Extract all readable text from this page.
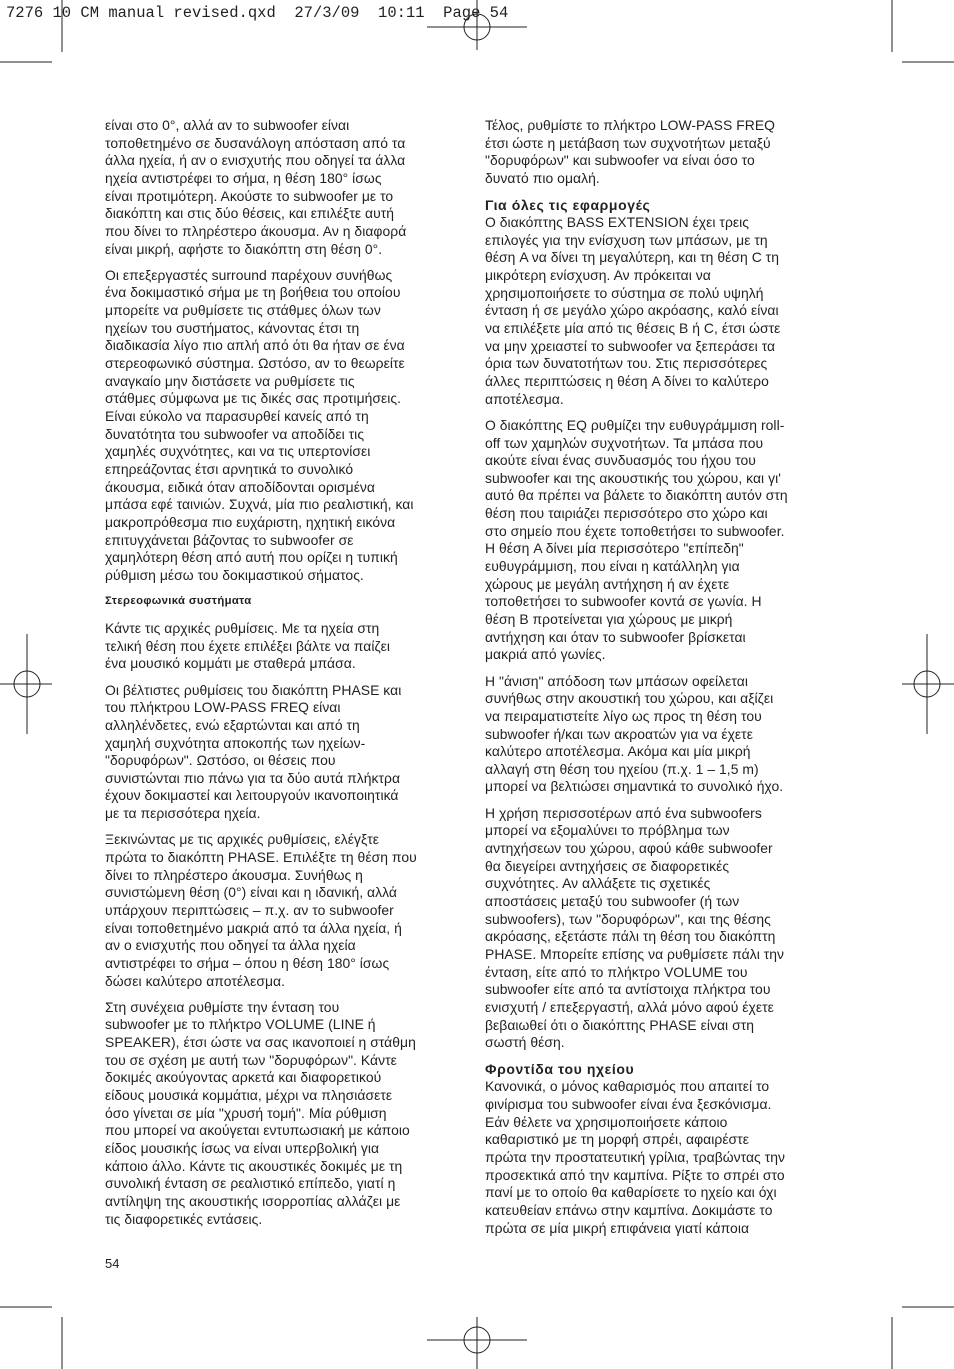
7276 10 CM manual revised.qxd  27/3/09  10:11  Page 54
είναι στο 0°, αλλά αν το subwoofer είναι
τοποθετημένο σε δυσανάλογη απόσταση από τα
άλλα ηχεία, ή αν ο ενισχυτής που οδηγεί τα άλλα
ηχεία αντιστρέφει το σήμα, η θέση 180° ίσως
είναι προτιμότερη. Ακούστε το subwoofer με το
διακόπτη και στις δύο θέσεις, και επιλέξτε αυτή
που δίνει το πληρέστερο άκουσμα. Αν η διαφορά
είναι μικρή, αφήστε το διακόπτη στη θέση 0°.
Οι επεξεργαστές surround παρέχουν συνήθως
ένα δοκιμαστικό σήμα με τη βοήθεια του οποίου
μπορείτε να ρυθμίσετε τις στάθμες όλων των
ηχείων του συστήματος, κάνοντας έτσι τη
διαδικασία λίγο πιο απλή από ότι θα ήταν σε ένα
στερεοφωνικό σύστημα. Ωστόσο, αν το θεωρείτε
αναγκαίο μην διστάσετε να ρυθμίσετε τις
στάθμες σύμφωνα με τις δικές σας προτιμήσεις.
Είναι εύκολο να παρασυρθεί κανείς από τη
δυνατότητα του subwoofer να αποδίδει τις
χαμηλές συχνότητες, και να τις υπερτονίσει
επηρεάζοντας έτσι αρνητικά το συνολικό
άκουσμα, ειδικά όταν αποδίδονται ορισμένα
μπάσα εφέ ταινιών. Συχνά, μία πιο ρεαλιστική, και
μακροπρόθεσμα πιο ευχάριστη, ηχητική εικόνα
επιτυγχάνεται βάζοντας το subwoofer σε
χαμηλότερη θέση από αυτή που ορίζει η τυπική
ρύθμιση μέσω του δοκιμαστικού σήματος.
Στερεοφωνικά συστήματα
Κάντε τις αρχικές ρυθμίσεις. Με τα ηχεία στη
τελική θέση που έχετε επιλέξει βάλτε να παίζει
ένα μουσικό κομμάτι με σταθερά μπάσα.
Οι βέλτιστες ρυθμίσεις του διακόπτη PHASE και
του πλήκτρου LOW-PASS FREQ είναι
αλληλένδετες, ενώ εξαρτώνται και από τη
χαμηλή συχνότητα αποκοπής των ηχείων-
"δορυφόρων". Ωστόσο, οι θέσεις που
συνιστώνται πιο πάνω για τα δύο αυτά πλήκτρα
έχουν δοκιμαστεί και λειτουργούν ικανοποιητικά
με τα περισσότερα ηχεία.
Ξεκινώντας με τις αρχικές ρυθμίσεις, ελέγξτε
πρώτα το διακόπτη PHASE. Επιλέξτε τη θέση που
δίνει το πληρέστερο άκουσμα. Συνήθως η
συνιστώμενη θέση (0°) είναι και η ιδανική, αλλά
υπάρχουν περιπτώσεις – π.χ. αν το subwoofer
είναι τοποθετημένο μακριά από τα άλλα ηχεία, ή
αν ο ενισχυτής που οδηγεί τα άλλα ηχεία
αντιστρέφει το σήμα – όπου η θέση 180° ίσως
δώσει καλύτερο αποτέλεσμα.
Στη συνέχεια ρυθμίστε την ένταση του
subwoofer με το πλήκτρο VOLUME (LINE ή
SPEAKER), έτσι ώστε να σας ικανοποιεί η στάθμη
του σε σχέση με αυτή των "δορυφόρων". Κάντε
δοκιμές ακούγοντας αρκετά και διαφορετικού
είδους μουσικά κομμάτια, μέχρι να πλησιάσετε
όσο γίνεται σε μία "χρυσή τομή". Μία ρύθμιση
που μπορεί να ακούγεται εντυπωσιακή με κάποιο
είδος μουσικής ίσως να είναι υπερβολική για
κάποιο άλλο. Κάντε τις ακουστικές δοκιμές με τη
συνολική ένταση σε ρεαλιστικό επίπεδο, γιατί η
αντίληψη της ακουστικής ισορροπίας αλλάζει με
τις διαφορετικές εντάσεις.
Τέλος, ρυθμίστε το πλήκτρο LOW-PASS FREQ
έτσι ώστε η μετάβαση των συχνοτήτων μεταξύ
"δορυφόρων" και subwoofer να είναι όσο το
δυνατό πιο ομαλή.
Για όλες τις εφαρμογές
Ο διακόπτης BASS EXTENSION έχει τρεις
επιλογές για την ενίσχυση των μπάσων, με τη
θέση A να δίνει τη μεγαλύτερη, και τη θέση C τη
μικρότερη ενίσχυση. Αν πρόκειται να
χρησιμοποιήσετε το σύστημα σε πολύ υψηλή
ένταση ή σε μεγάλο χώρο ακρόασης, καλό είναι
να επιλέξετε μία από τις θέσεις B ή C, έτσι ώστε
να μην χρειαστεί το subwoofer να ξεπεράσει τα
όρια των δυνατοτήτων του. Στις περισσότερες
άλλες περιπτώσεις η θέση A δίνει το καλύτερο
αποτέλεσμα.
Ο διακόπτης EQ ρυθμίζει την ευθυγράμμιση roll-
off των χαμηλών συχνοτήτων. Τα μπάσα που
ακούτε είναι ένας συνδυασμός του ήχου του
subwoofer και της ακουστικής του χώρου, και γι'
αυτό θα πρέπει να βάλετε το διακόπτη αυτόν στη
θέση που ταιριάζει περισσότερο στο χώρο και
στο σημείο που έχετε τοποθετήσει το subwoofer.
Η θέση A δίνει μία περισσότερο "επίπεδη"
ευθυγράμμιση, που είναι η κατάλληλη για
χώρους με μεγάλη αντήχηση ή αν έχετε
τοποθετήσει το subwoofer κοντά σε γωνία. Η
θέση B προτείνεται για χώρους με μικρή
αντήχηση και όταν το subwoofer βρίσκεται
μακριά από γωνίες.
Η "άνιση" απόδοση των μπάσων οφείλεται
συνήθως στην ακουστική του χώρου, και αξίζει
να πειραματιστείτε λίγο ως προς τη θέση του
subwoofer ή/και των ακροατών για να έχετε
καλύτερο αποτέλεσμα. Ακόμα και μία μικρή
αλλαγή στη θέση του ηχείου (π.χ. 1 – 1,5 m)
μπορεί να βελτιώσει σημαντικά το συνολικό ήχο.
Η χρήση περισσοτέρων από ένα subwoofers
μπορεί να εξομαλύνει το πρόβλημα των
αντηχήσεων του χώρου, αφού κάθε subwoofer
θα διεγείρει αντηχήσεις σε διαφορετικές
συχνότητες. Αν αλλάξετε τις σχετικές
αποστάσεις μεταξύ του subwoofer (ή των
subwoofers), των "δορυφόρων", και της θέσης
ακρόασης, εξετάστε πάλι τη θέση του διακόπτη
PHASE. Μπορείτε επίσης να ρυθμίσετε πάλι την
ένταση, είτε από το πλήκτρο VOLUME του
subwoofer είτε από τα αντίστοιχα πλήκτρα του
ενισχυτή / επεξεργαστή, αλλά μόνο αφού έχετε
βεβαιωθεί ότι ο διακόπτης PHASE είναι στη
σωστή θέση.
Φροντίδα του ηχείου
Κανονικά, ο μόνος καθαρισμός που απαιτεί το
φινίρισμα του subwoofer είναι ένα ξεσκόνισμα.
Εάν θέλετε να χρησιμοποιήσετε κάποιο
καθαριστικό με τη μορφή σπρέι, αφαιρέστε
πρώτα την προστατευτική γρίλια, τραβώντας την
προσεκτικά από την καμπίνα. Ρίξτε το σπρέι στο
πανί με το οποίο θα καθαρίσετε το ηχείο και όχι
κατευθείαν επάνω στην καμπίνα. Δοκιμάστε το
πρώτα σε μία μικρή επιφάνεια γιατί κάποια
54
